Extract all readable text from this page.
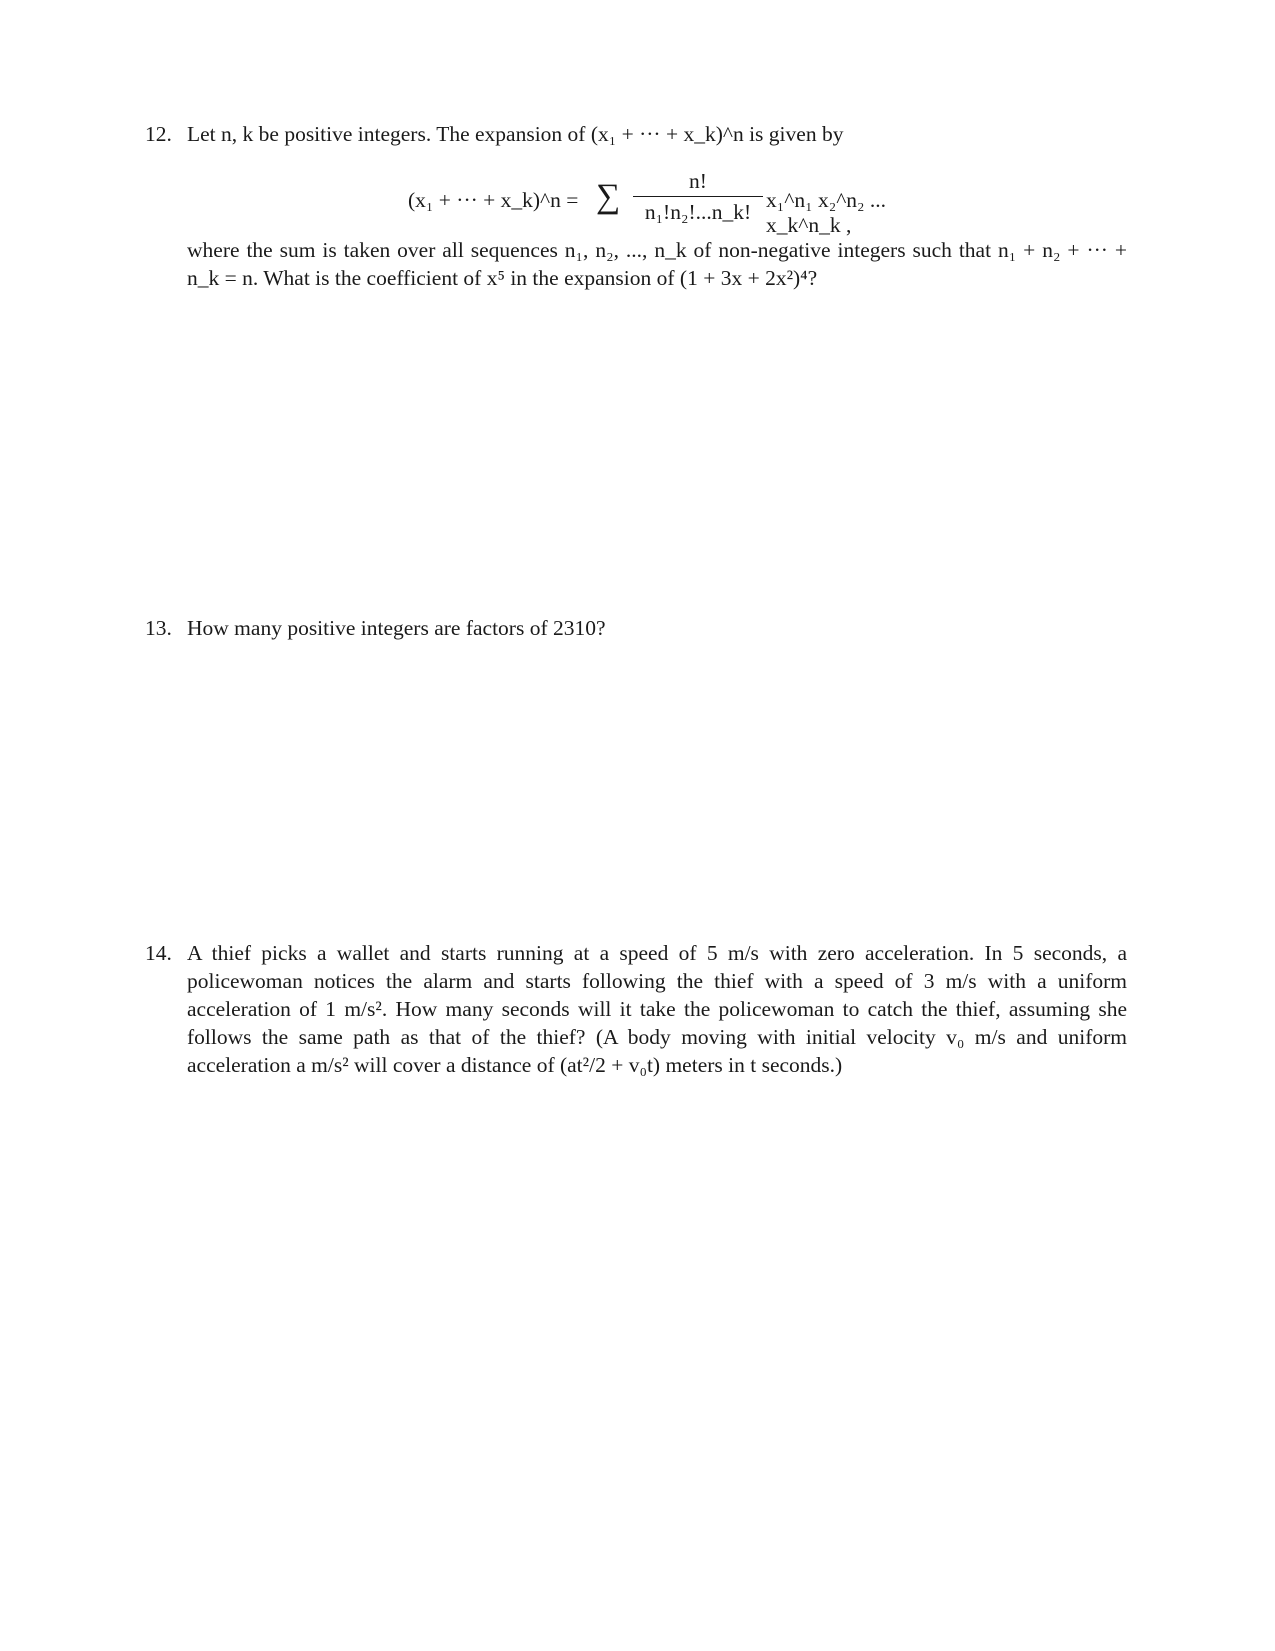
12. Let n, k be positive integers. The expansion of (x₁ + ··· + x_k)^n is given by
(x₁ + ··· + x_k)^n = ∑	n!
n₁!n₂!...n_k! x₁^n₁ x₂^n₂ ... x_k^n_k ,
where the sum is taken over all sequences n₁, n₂, ..., n_k of non-negative integers such that n₁ + n₂ + ··· + n_k = n. What is the coefficient of x⁵ in the expansion of (1 + 3x + 2x²)⁴?
13. How many positive integers are factors of 2310?
14. A thief picks a wallet and starts running at a speed of 5 m/s with zero acceleration. In 5 seconds, a policewoman notices the alarm and starts following the thief with a speed of 3 m/s with a uniform acceleration of 1 m/s². How many seconds will it take the policewoman to catch the thief, assuming she follows the same path as that of the thief? (A body moving with initial velocity v₀ m/s and uniform acceleration a m/s² will cover a distance of (at²/2 + v₀t) meters in t seconds.)
